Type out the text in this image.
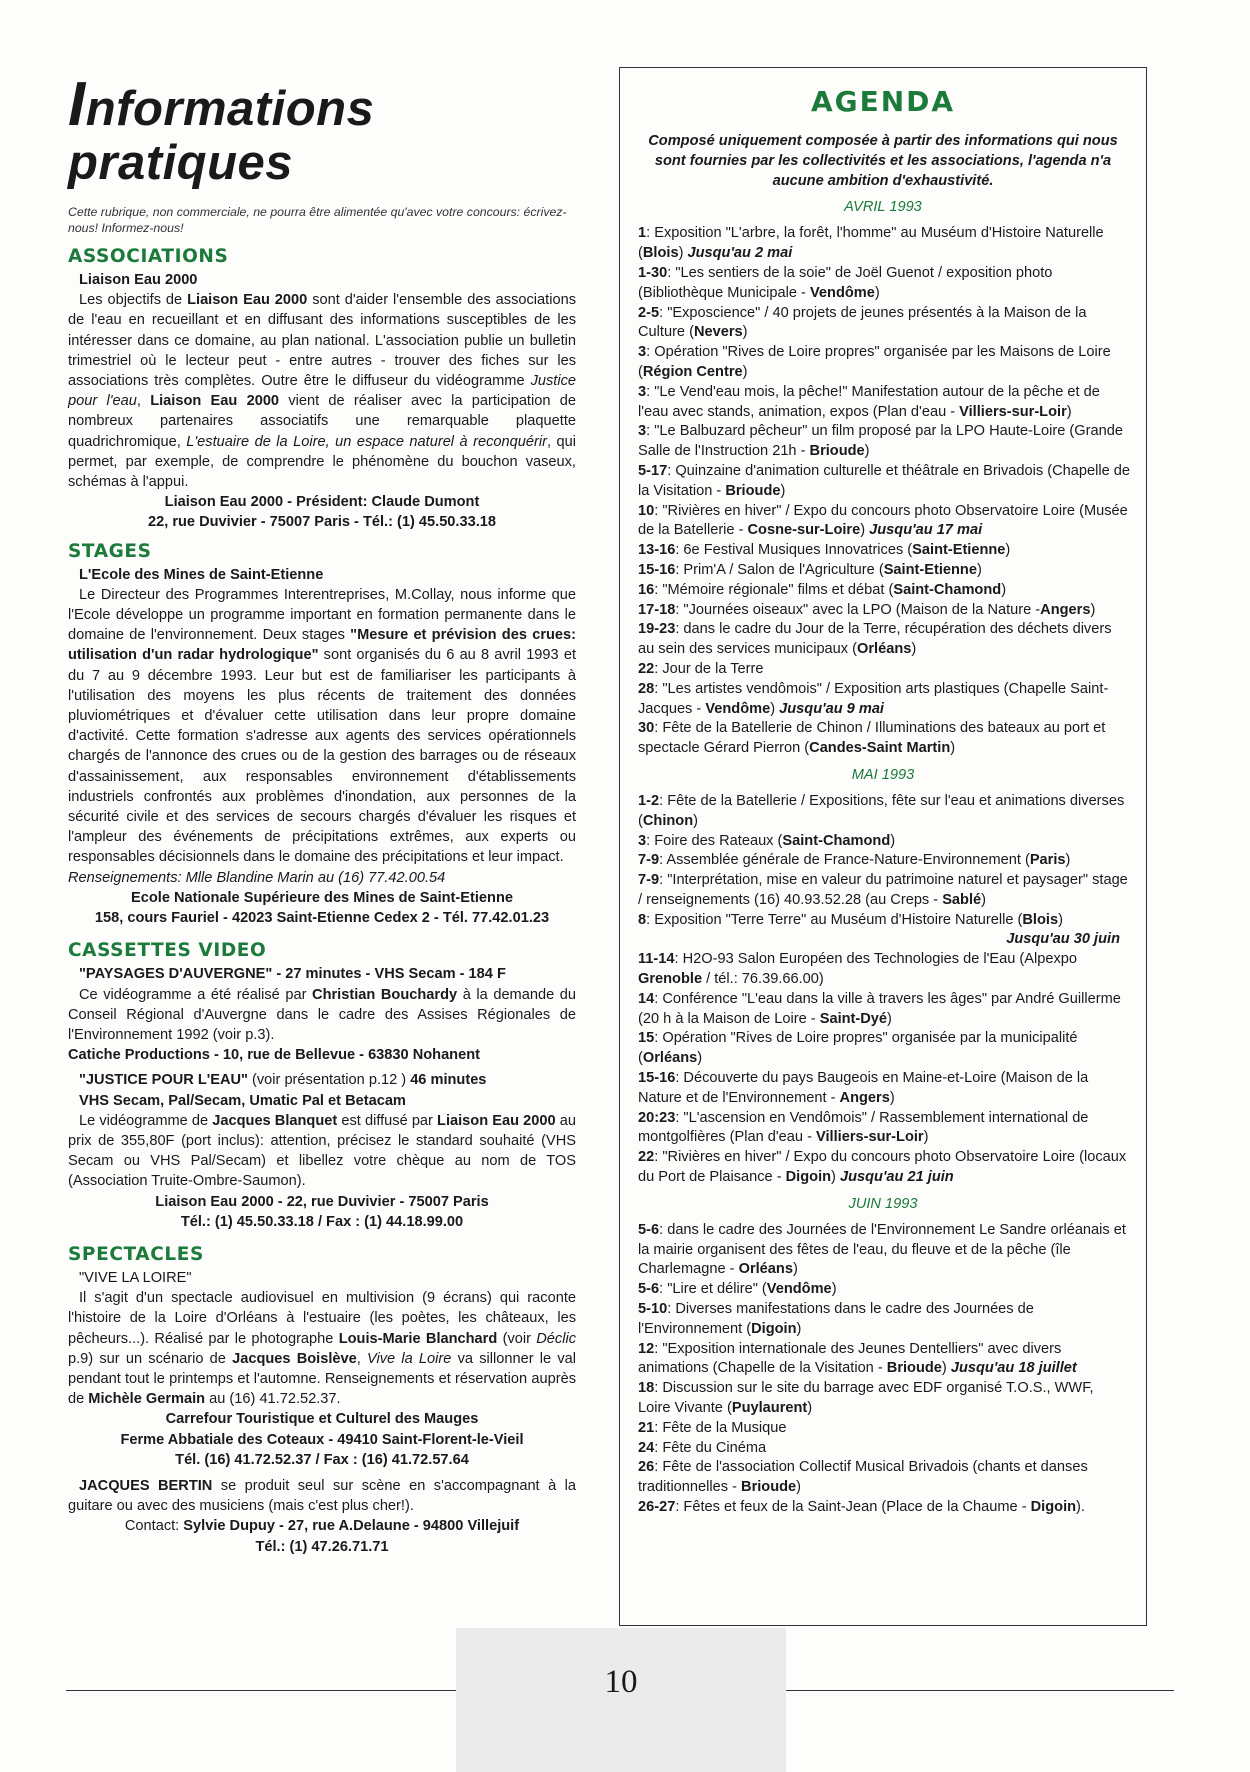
Informations pratiques

Cette rubrique, non commerciale, ne pourra être alimentée qu'avec votre concours: écrivez-nous! Informez-nous!

ASSOCIATIONS

Liaison Eau 2000

Les objectifs de Liaison Eau 2000 sont d'aider l'ensemble des associations de l'eau en recueillant et en diffusant des informations susceptibles de les intéresser dans ce domaine, au plan national. L'association publie un bulletin trimestriel où le lecteur peut - entre autres - trouver des fiches sur les associations très complètes. Outre être le diffuseur du vidéogramme Justice pour l'eau, Liaison Eau 2000 vient de réaliser avec la participation de nombreux partenaires associatifs une remarquable plaquette quadrichromique, L'estuaire de la Loire, un espace naturel à reconquérir, qui permet, par exemple, de comprendre le phénomène du bouchon vaseux, schémas à l'appui.

Liaison Eau 2000 - Président: Claude Dumont

22, rue Duvivier - 75007 Paris - Tél.: (1) 45.50.33.18

STAGES

L'Ecole des Mines de Saint-Etienne

Le Directeur des Programmes Interentreprises, M.Collay, nous informe que l'Ecole développe un programme important en formation permanente dans le domaine de l'environnement. Deux stages "Mesure et prévision des crues: utilisation d'un radar hydrologique" sont organisés du 6 au 8 avril 1993 et du 7 au 9 décembre 1993. Leur but est de familiariser les participants à l'utilisation des moyens les plus récents de traitement des données pluviométriques et d'évaluer cette utilisation dans leur propre domaine d'activité. Cette formation s'adresse aux agents des services opérationnels chargés de l'annonce des crues ou de la gestion des barrages ou de réseaux d'assainissement, aux responsables environnement d'établissements industriels confrontés aux problèmes d'inondation, aux personnes de la sécurité civile et des services de secours chargés d'évaluer les risques et l'ampleur des événements de précipitations extrêmes, aux experts ou responsables décisionnels dans le domaine des précipitations et leur impact.

Renseignements: Mlle Blandine Marin au (16) 77.42.00.54

Ecole Nationale Supérieure des Mines de Saint-Etienne

158, cours Fauriel - 42023 Saint-Etienne Cedex 2 - Tél. 77.42.01.23

CASSETTES VIDEO

"PAYSAGES D'AUVERGNE" - 27 minutes - VHS Secam - 184 F

Ce vidéogramme a été réalisé par Christian Bouchardy à la demande du Conseil Régional d'Auvergne dans le cadre des Assises Régionales de l'Environnement 1992 (voir p.3).

Catiche Productions - 10, rue de Bellevue - 63830 Nohanent

"JUSTICE POUR L'EAU" (voir présentation p.12 ) 46 minutes

VHS Secam, Pal/Secam, Umatic Pal et Betacam

Le vidéogramme de Jacques Blanquet est diffusé par Liaison Eau 2000 au prix de 355,80F (port inclus): attention, précisez le standard souhaité (VHS Secam ou VHS Pal/Secam) et libellez votre chèque au nom de TOS (Association Truite-Ombre-Saumon).

Liaison Eau 2000 - 22, rue Duvivier - 75007 Paris

Tél.: (1) 45.50.33.18 / Fax : (1) 44.18.99.00

SPECTACLES

"VIVE LA LOIRE"

Il s'agit d'un spectacle audiovisuel en multivision (9 écrans) qui raconte l'histoire de la Loire d'Orléans à l'estuaire (les poètes, les châteaux, les pêcheurs...). Réalisé par le photographe Louis-Marie Blanchard (voir Déclic p.9) sur un scénario de Jacques Boislève, Vive la Loire va sillonner le val pendant tout le printemps et l'automne. Renseignements et réservation auprès de Michèle Germain au (16) 41.72.52.37.

Carrefour Touristique et Culturel des Mauges

Ferme Abbatiale des Coteaux - 49410 Saint-Florent-le-Vieil

Tél. (16) 41.72.52.37 / Fax : (16) 41.72.57.64

JACQUES BERTIN se produit seul sur scène en s'accompagnant à la guitare ou avec des musiciens (mais c'est plus cher!).

Contact: Sylvie Dupuy - 27, rue A.Delaune - 94800 Villejuif

Tél.: (1) 47.26.71.71

AGENDA

Composé uniquement composée à partir des informations qui nous sont fournies par les collectivités et les associations, l'agenda n'a aucune ambition d'exhaustivité.

AVRIL 1993
1: Exposition "L'arbre, la forêt, l'homme" au Muséum d'Histoire Naturelle (Blois) Jusqu'au 2 mai
1-30: "Les sentiers de la soie" de Joël Guenot / exposition photo (Bibliothèque Municipale - Vendôme)
2-5: "Exposcience" / 40 projets de jeunes présentés à la Maison de la Culture (Nevers)
3: Opération "Rives de Loire propres" organisée par les Maisons de Loire (Région Centre)
3: "Le Vend'eau mois, la pêche!" Manifestation autour de la pêche et de l'eau avec stands, animation, expos (Plan d'eau - Villiers-sur-Loir)
3: "Le Balbuzard pêcheur" un film proposé par la LPO Haute-Loire (Grande Salle de l'Instruction 21h - Brioude)
5-17: Quinzaine d'animation culturelle et théâtrale en Brivadois (Chapelle de la Visitation - Brioude)
10: "Rivières en hiver" / Expo du concours photo Observatoire Loire (Musée de la Batellerie - Cosne-sur-Loire) Jusqu'au 17 mai
13-16: 6e Festival Musiques Innovatrices (Saint-Etienne)
15-16: Prim'A / Salon de l'Agriculture (Saint-Etienne)
16: "Mémoire régionale" films et débat (Saint-Chamond)
17-18: "Journées oiseaux" avec la LPO (Maison de la Nature -Angers)
19-23: dans le cadre du Jour de la Terre, récupération des déchets divers au sein des services municipaux (Orléans)
22: Jour de la Terre
28: "Les artistes vendômois" / Exposition arts plastiques (Chapelle Saint-Jacques - Vendôme) Jusqu'au 9 mai
30: Fête de la Batellerie de Chinon / Illuminations des bateaux au port et spectacle Gérard Pierron (Candes-Saint Martin)
MAI 1993
1-2: Fête de la Batellerie / Expositions, fête sur l'eau et animations diverses (Chinon)
3: Foire des Rateaux (Saint-Chamond)
7-9: Assemblée générale de France-Nature-Environnement (Paris)
7-9: "Interprétation, mise en valeur du patrimoine naturel et paysager" stage / renseignements (16) 40.93.52.28 (au Creps - Sablé)
8: Exposition "Terre Terre" au Muséum d'Histoire Naturelle (Blois)
Jusqu'au 30 juin
11-14: H2O-93 Salon Européen des Technologies de l'Eau (Alpexpo Grenoble / tél.: 76.39.66.00)
14: Conférence "L'eau dans la ville à travers les âges" par André Guillerme (20 h à la Maison de Loire - Saint-Dyé)
15: Opération "Rives de Loire propres" organisée par la municipalité (Orléans)
15-16: Découverte du pays Baugeois en Maine-et-Loire (Maison de la Nature et de l'Environnement - Angers)
20:23: "L'ascension en Vendômois" / Rassemblement international de montgolfières (Plan d'eau - Villiers-sur-Loir)
22: "Rivières en hiver" / Expo du concours photo Observatoire Loire (locaux du Port de Plaisance - Digoin) Jusqu'au 21 juin
JUIN 1993
5-6: dans le cadre des Journées de l'Environnement Le Sandre orléanais et la mairie organisent des fêtes de l'eau, du fleuve et de la pêche (île Charlemagne - Orléans)
5-6: "Lire et délire" (Vendôme)
5-10: Diverses manifestations dans le cadre des Journées de l'Environnement (Digoin)
12: "Exposition internationale des Jeunes Dentelliers" avec divers animations (Chapelle de la Visitation - Brioude) Jusqu'au 18 juillet
18: Discussion sur le site du barrage avec EDF organisé T.O.S., WWF, Loire Vivante (Puylaurent)
21: Fête de la Musique
24: Fête du Cinéma
26: Fête de l'association Collectif Musical Brivadois (chants et danses traditionnelles - Brioude)
26-27: Fêtes et feux de la Saint-Jean (Place de la Chaume - Digoin).
10
